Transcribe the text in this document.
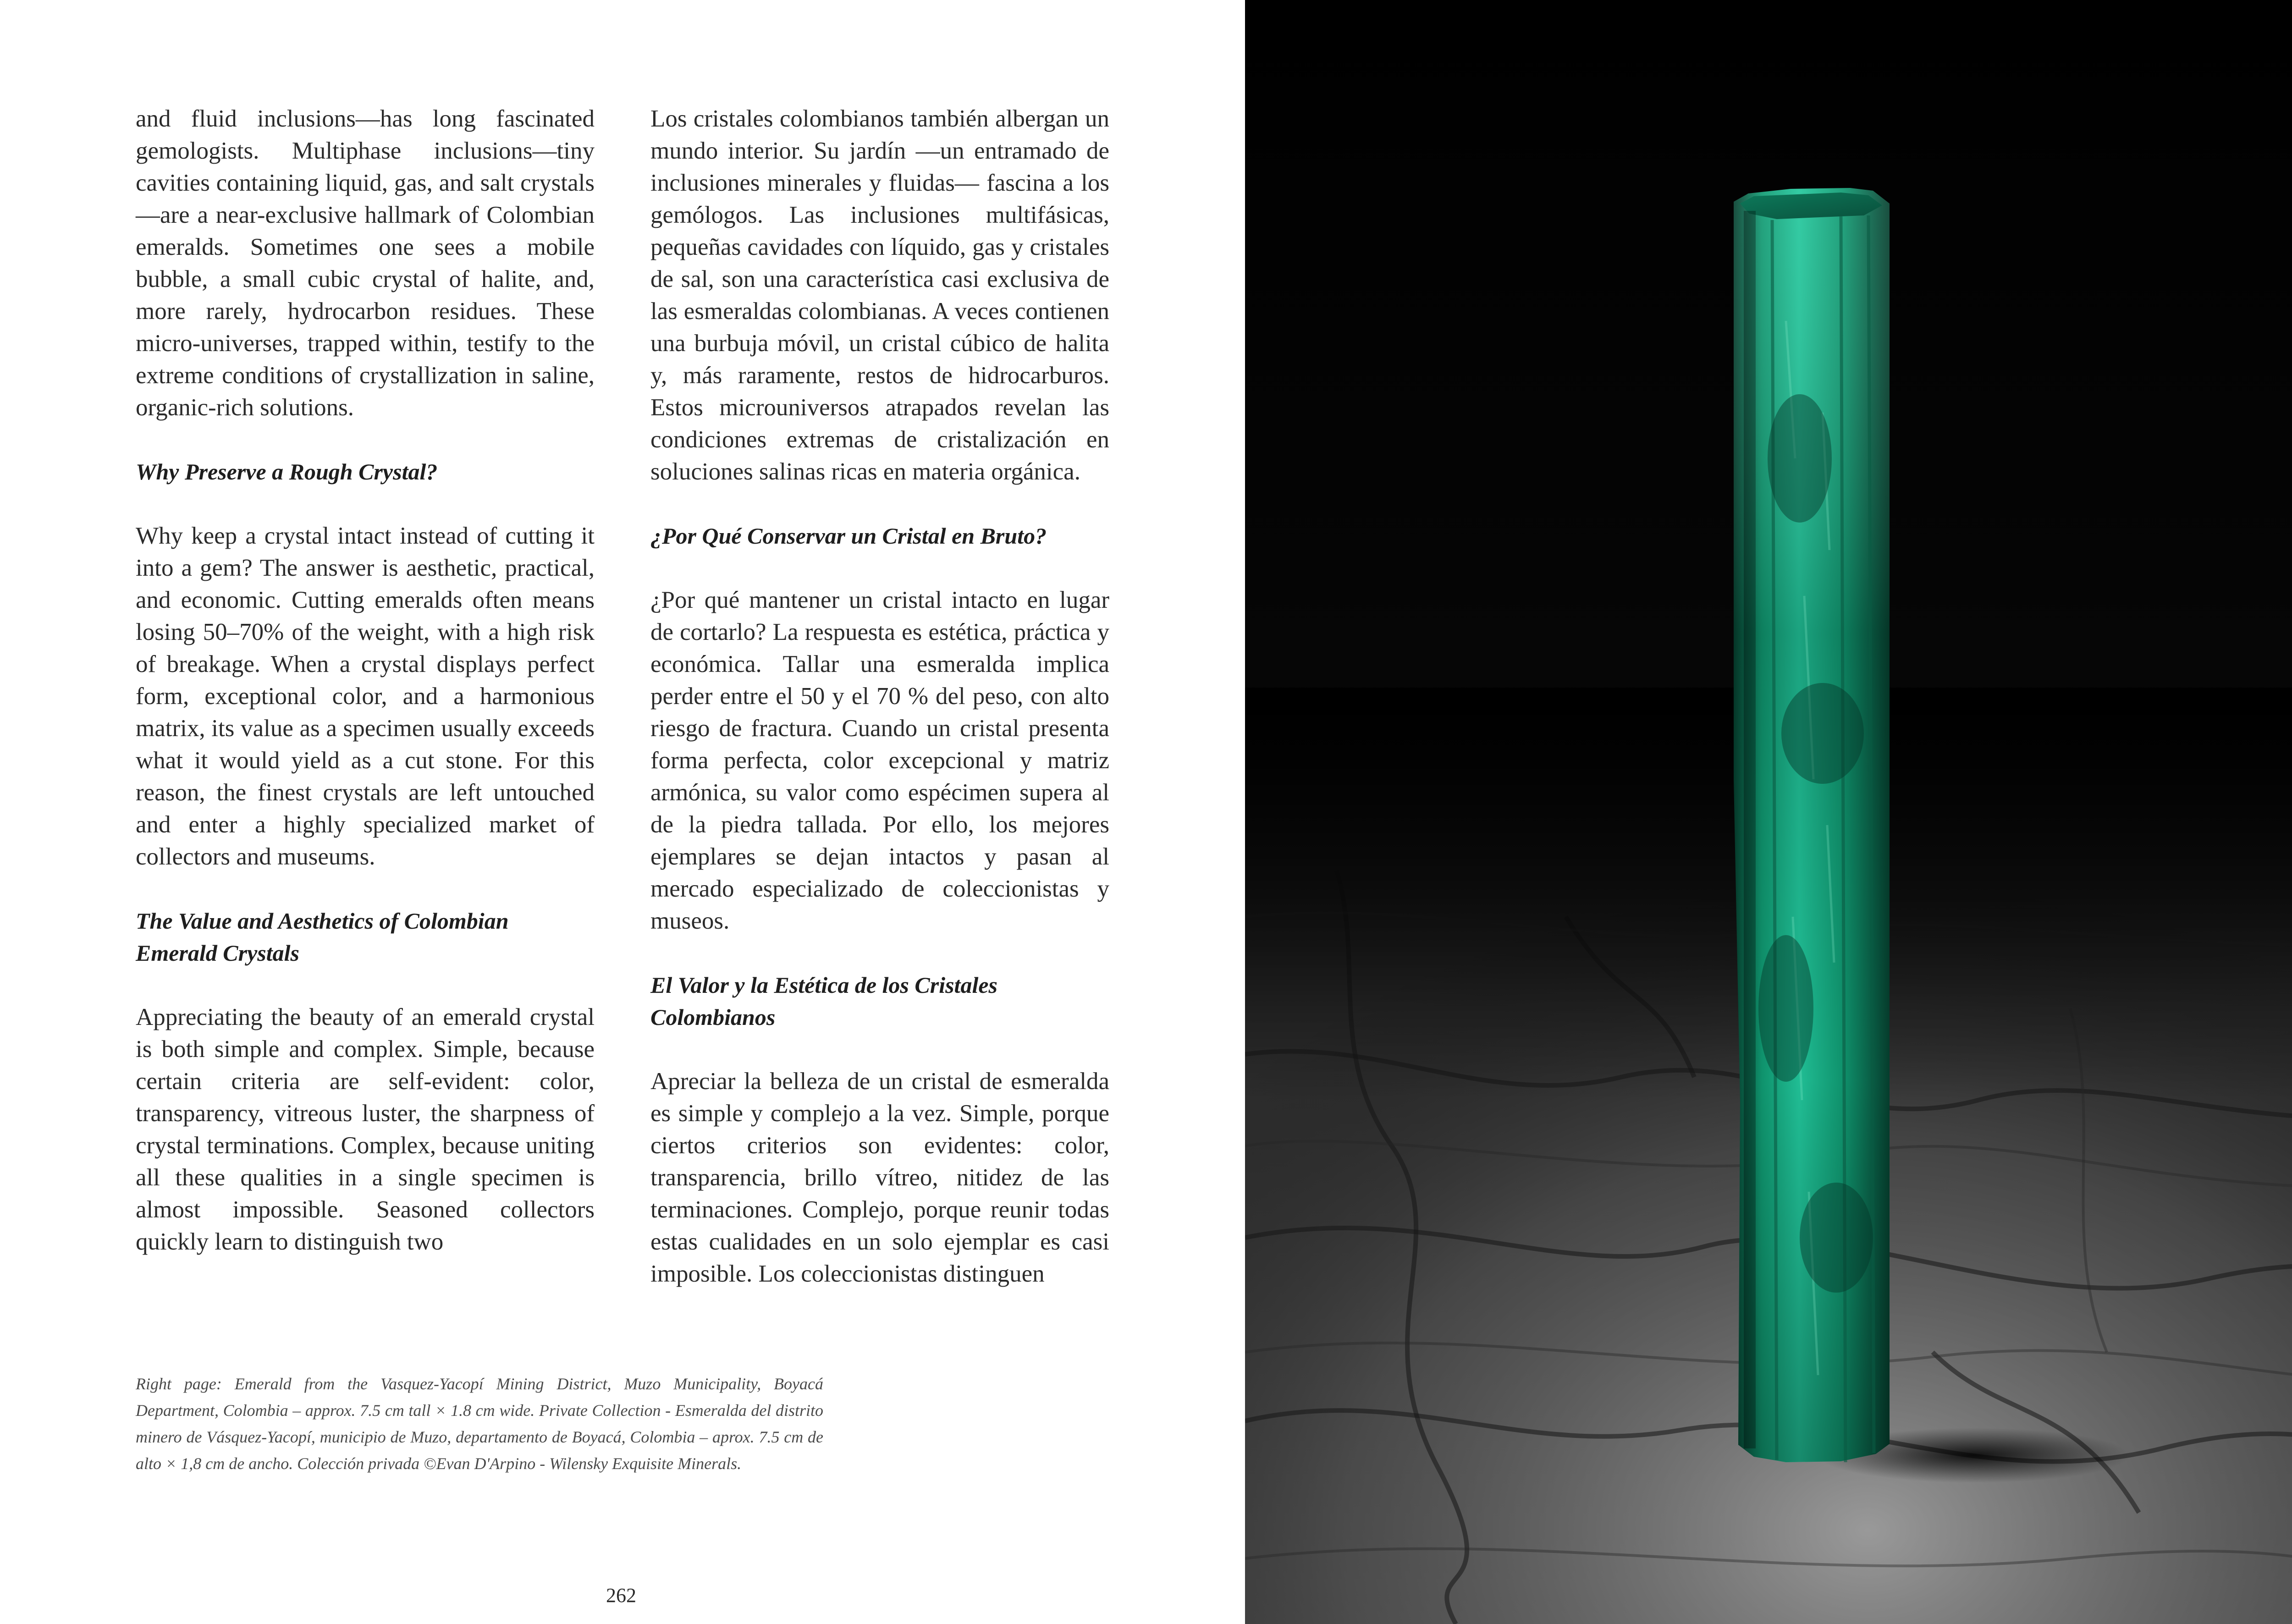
and fluid inclusions—has long fascinated gemologists. Multiphase inclusions—tiny cavities containing liquid, gas, and salt crystals—are a near-exclusive hallmark of Colombian emeralds. Sometimes one sees a mobile bubble, a small cubic crystal of halite, and, more rarely, hydrocarbon residues. These micro-universes, trapped within, testify to the extreme conditions of crystallization in saline, organic-rich solutions.

Why Preserve a Rough Crystal?

Why keep a crystal intact instead of cutting it into a gem? The answer is aesthetic, practical, and economic. Cutting emeralds often means losing 50–70% of the weight, with a high risk of breakage. When a crystal displays perfect form, exceptional color, and a harmonious matrix, its value as a specimen usually exceeds what it would yield as a cut stone. For this reason, the finest crystals are left untouched and enter a highly specialized market of collectors and museums.

The Value and Aesthetics of Colombian Emerald Crystals

Appreciating the beauty of an emerald crystal is both simple and complex. Simple, because certain criteria are self-evident: color, transparency, vitreous luster, the sharpness of crystal terminations. Complex, because uniting all these qualities in a single specimen is almost impossible. Seasoned collectors quickly learn to distinguish two

Los cristales colombianos también albergan un mundo interior. Su jardín —un entramado de inclusiones minerales y fluidas— fascina a los gemólogos. Las inclusiones multifásicas, pequeñas cavidades con líquido, gas y cristales de sal, son una característica casi exclusiva de las esmeraldas colombianas. A veces contienen una burbuja móvil, un cristal cúbico de halita y, más raramente, restos de hidrocarburos. Estos microuniversos atrapados revelan las condiciones extremas de cristalización en soluciones salinas ricas en materia orgánica.

¿Por Qué Conservar un Cristal en Bruto?

¿Por qué mantener un cristal intacto en lugar de cortarlo? La respuesta es estética, práctica y económica. Tallar una esmeralda implica perder entre el 50 y el 70 % del peso, con alto riesgo de fractura. Cuando un cristal presenta forma perfecta, color excepcional y matriz armónica, su valor como espécimen supera al de la piedra tallada. Por ello, los mejores ejemplares se dejan intactos y pasan al mercado especializado de coleccionistas y museos.

El Valor y la Estética de los Cristales Colombianos

Apreciar la belleza de un cristal de esmeralda es simple y complejo a la vez. Simple, porque ciertos criterios son evidentes: color, transparencia, brillo vítreo, nitidez de las terminaciones. Complejo, porque reunir todas estas cualidades en un solo ejemplar es casi imposible. Los coleccionistas distinguen

Right page: Emerald from the Vasquez-Yacopí Mining District, Muzo Municipality, Boyacá Department, Colombia – approx. 7.5 cm tall × 1.8 cm wide. Private Collection - Esmeralda del distrito minero de Vásquez-Yacopí, municipio de Muzo, departamento de Boyacá, Colombia – aprox. 7.5 cm de alto × 1,8 cm de ancho. Colección privada ©Evan D'Arpino - Wilensky Exquisite Minerals.
262
